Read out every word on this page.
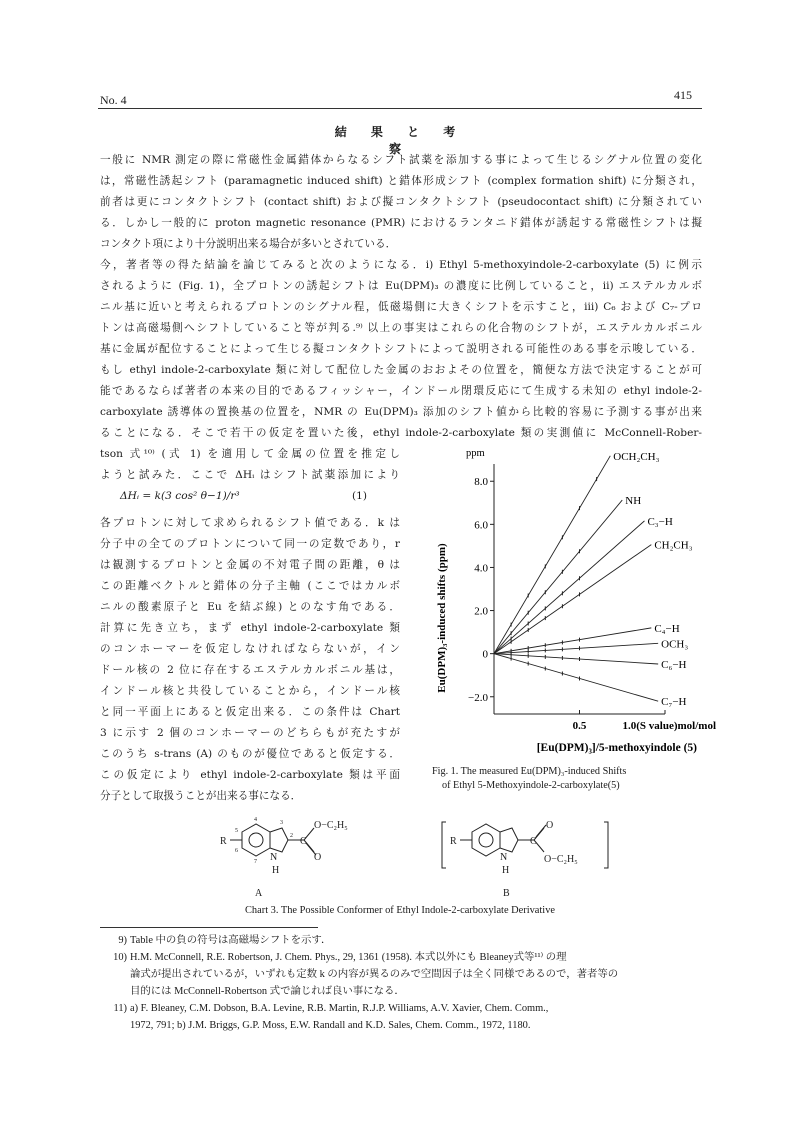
No. 4	415
結 果 と 考 察
一般に NMR 測定の際に常磁性金属錯体からなるシフト試薬を添加する事によって生じるシグナル位置の変化
は，常磁性誘起シフト (paramagnetic induced shift) と錯体形成シフト (complex formation shift) に分類され，
前者は更にコンタクトシフト (contact shift) および擬コンタクトシフト (pseudocontact shift) に分類されてい
る．しかし一般的に proton magnetic resonance (PMR) におけるランタニド錯体が誘起する常磁性シフトは擬
コンタクト項により十分説明出来る場合が多いとされている．
今，著者等の得た結論を論じてみると次のようになる．i) Ethyl 5-methoxyindole-2-carboxylate (5) に例示
されるように (Fig. 1)，全プロトンの誘起シフトは Eu(DPM)₃ の濃度に比例していること，ii) エステルカルボ
ニル基に近いと考えられるプロトンのシグナル程，低磁場側に大きくシフトを示すこと，iii) C₆ および C₇-プロ
トンは高磁場側へシフトしていること等が判る.⁹⁾ 以上の事実はこれらの化合物のシフトが，エステルカルボニル
基に金属が配位することによって生じる擬コンタクトシフトによって説明される可能性のある事を示唆している．
もし ethyl indole-2-carboxylate 類に対して配位した金属のおおよその位置を，簡便な方法で決定することが可
能であるならば著者の本来の目的であるフィッシャー，インドール閉環反応にて生成する未知の ethyl indole-2-
carboxylate 誘導体の置換基の位置を，NMR の Eu(DPM)₃ 添加のシフト値から比較的容易に予測する事が出来
ることになる．そこで若干の仮定を置いた後，ethyl indole-2-carboxylate 類の実測値に McConnell-Rober-
tson 式¹⁰⁾ (式 1) を適用して金属の位置を推定し
ようと試みた．ここで ΔHᵢ はシフト試薬添加により
ΔHᵢ = k(3 cos² θ−1)/r³	(1)
各プロトンに対して求められるシフト値である．k は
分子中の全てのプロトンについて同一の定数であり，r
は観測するプロトンと金属の不対電子間の距離，θ は
この距離ベクトルと錯体の分子主軸 (ここではカルボ
ニルの酸素原子と Eu を結ぶ線) とのなす角である．
計算に先き立ち，まず ethyl indole-2-carboxylate 類
のコンホーマーを仮定しなければならないが，イン
ドール核の 2 位に存在するエステルカルボニル基は，
インドール核と共役していることから，インドール核
と同一平面上にあると仮定出来る．この条件は Chart
3 に示す 2 個のコンホーマーのどちらもが充たすが
このうち s-trans (A) のものが優位であると仮定する．
この仮定により ethyl indole-2-carboxylate 類は平面
分子として取扱うことが出来る事になる．
ppm
8.0
6.0
4.0
2.0
0
−2.0
0.5
OCH₂CH₃
NH
C₃−H
CH₂CH₃
C₄−H
OCH₃
C₆−H
C₇−H
Eu(DPM)₃-induced shifts (ppm)
1.0(S value)mol/mol
[Eu(DPM)₃]/5-methoxyindole (5)
Fig. 1. The measured Eu(DPM)₃-induced Shifts
of Ethyl 5-Methoxyindole-2-carboxylate(5)
R
O−C₂H₅
C
O
N
H
A
4
5
6
7
3
2	R
O
C
O−C₂H₅
N
H
B
Chart 3. The Possible Conformer of Ethyl Indole-2-carboxylate Derivative
9) Table 中の負の符号は高磁場シフトを示す．
10) H.M. McConnell, R.E. Robertson, J. Chem. Phys., 29, 1361 (1958). 本式以外にも Bleaney式等¹¹⁾ の理
論式が提出されているが，いずれも定数 k の内容が異るのみで空間因子は全く同様であるので，著者等の
目的には McConnell-Robertson 式で論じれば良い事になる．
11) a) F. Bleaney, C.M. Dobson, B.A. Levine, R.B. Martin, R.J.P. Williams, A.V. Xavier, Chem. Comm.,
1972, 791; b) J.M. Briggs, G.P. Moss, E.W. Randall and K.D. Sales, Chem. Comm., 1972, 1180.
